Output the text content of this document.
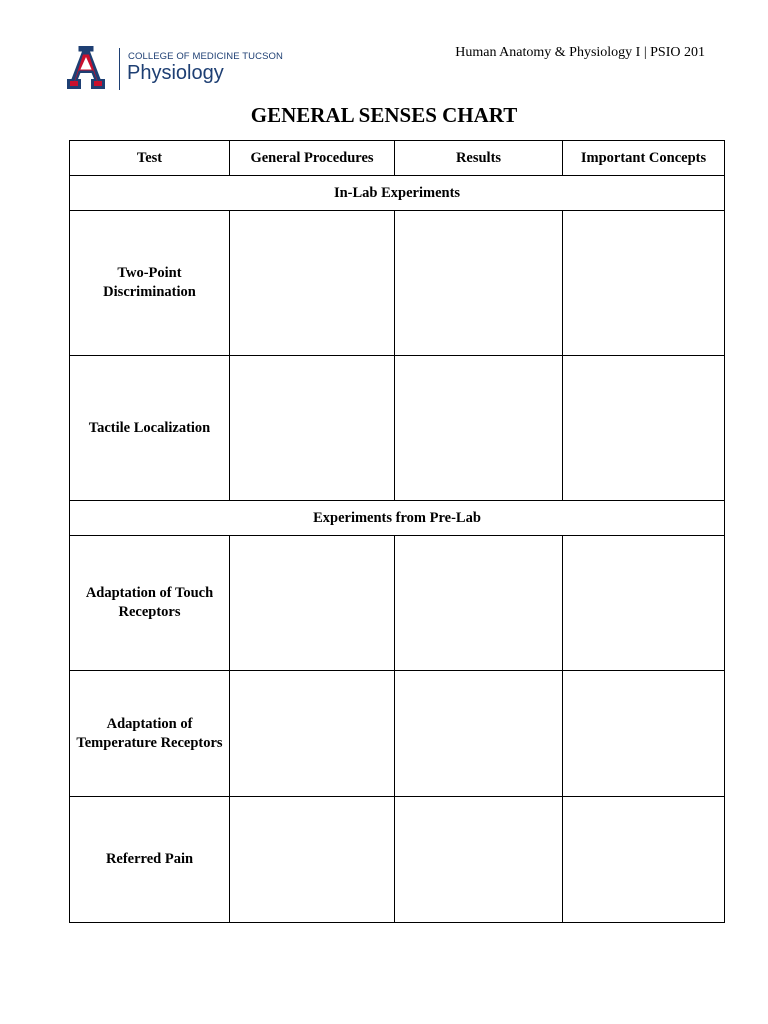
COLLEGE OF MEDICINE TUCSON
Physiology
Human Anatomy & Physiology I | PSIO 201
GENERAL SENSES CHART
Test	General Procedures	Results	Important Concepts
In-Lab Experiments			
Two-Point Discrimination			
Tactile Localization			
Experiments from Pre-Lab			
Adaptation of Touch Receptors			
Adaptation of Temperature Receptors			
Referred Pain			
